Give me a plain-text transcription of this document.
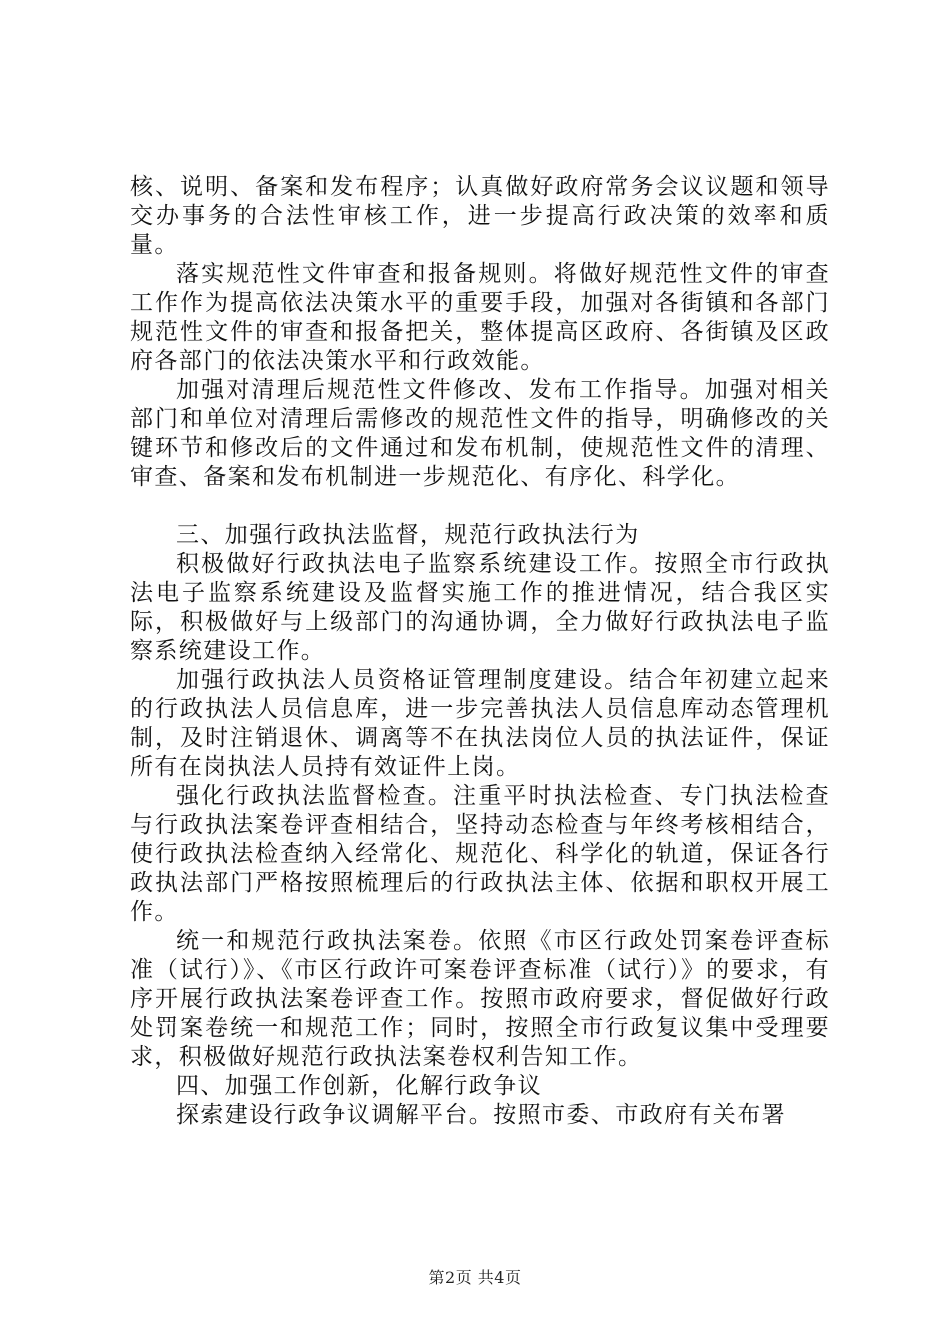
核、说明、备案和发布程序；认真做好政府常务会议议题和领导交办事务的合法性审核工作，进一步提高行政决策的效率和质量。

落实规范性文件审查和报备规则。将做好规范性文件的审查工作作为提高依法决策水平的重要手段，加强对各街镇和各部门规范性文件的审查和报备把关，整体提高区政府、各街镇及区政府各部门的依法决策水平和行政效能。

加强对清理后规范性文件修改、发布工作指导。加强对相关部门和单位对清理后需修改的规范性文件的指导，明确修改的关键环节和修改后的文件通过和发布机制，使规范性文件的清理、审查、备案和发布机制进一步规范化、有序化、科学化。

三、加强行政执法监督，规范行政执法行为

积极做好行政执法电子监察系统建设工作。按照全市行政执法电子监察系统建设及监督实施工作的推进情况，结合我区实际，积极做好与上级部门的沟通协调，全力做好行政执法电子监察系统建设工作。

加强行政执法人员资格证管理制度建设。结合年初建立起来的行政执法人员信息库，进一步完善执法人员信息库动态管理机制，及时注销退休、调离等不在执法岗位人员的执法证件，保证所有在岗执法人员持有效证件上岗。

强化行政执法监督检查。注重平时执法检查、专门执法检查与行政执法案卷评查相结合，坚持动态检查与年终考核相结合，使行政执法检查纳入经常化、规范化、科学化的轨道，保证各行政执法部门严格按照梳理后的行政执法主体、依据和职权开展工作。

统一和规范行政执法案卷。依照《市区行政处罚案卷评查标准（试行）》、《市区行政许可案卷评查标准（试行）》的要求，有序开展行政执法案卷评查工作。按照市政府要求，督促做好行政处罚案卷统一和规范工作；同时，按照全市行政复议集中受理要求，积极做好规范行政执法案卷权利告知工作。

四、加强工作创新，化解行政争议

探索建设行政争议调解平台。按照市委、市政府有关布署

第2页 共4页
